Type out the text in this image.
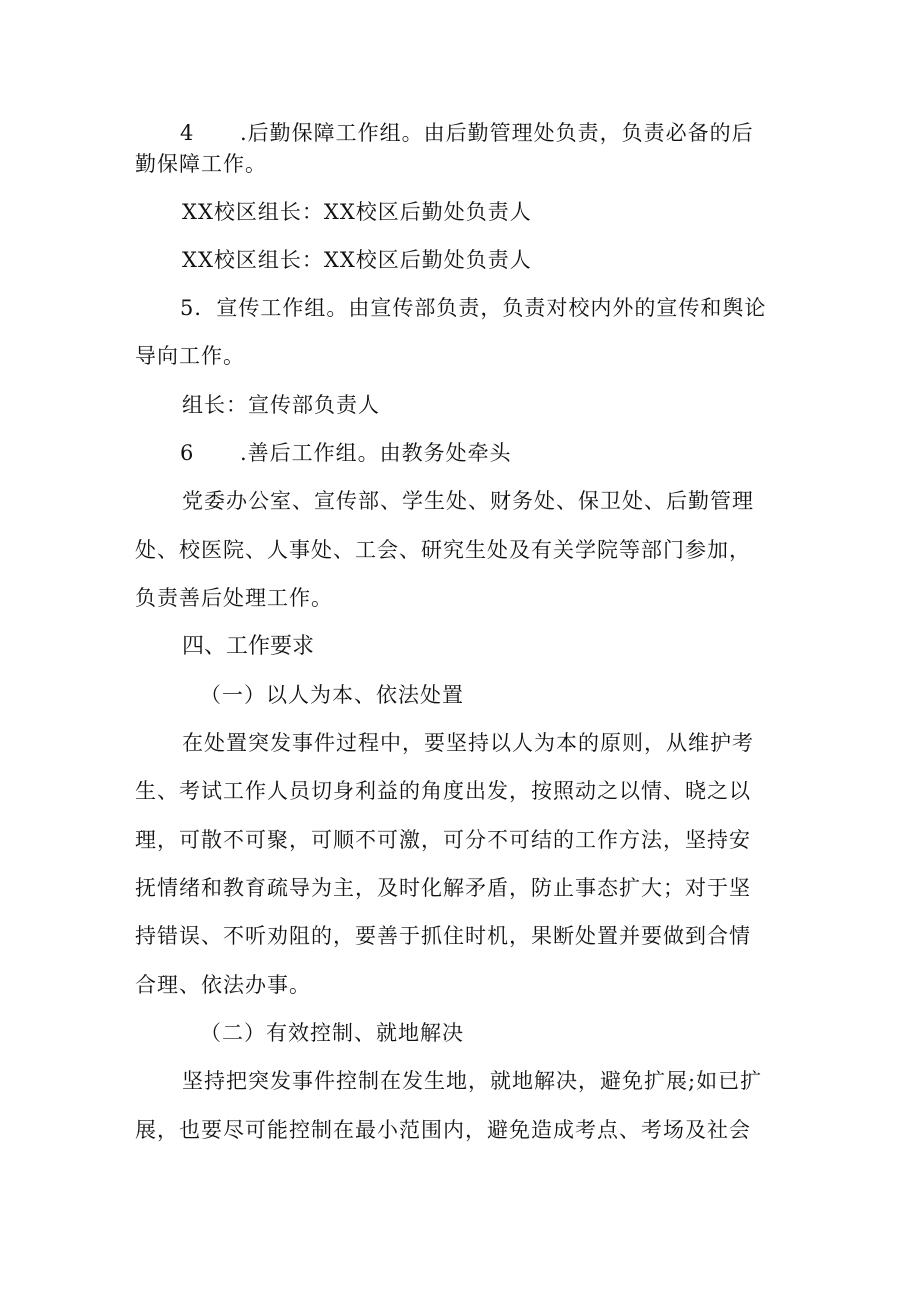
4 .后勤保障工作组。由后勤管理处负责，负责必备的后
勤保障工作。
XX校区组长：XX校区后勤处负责人
XX校区组长：XX校区后勤处负责人
5．宣传工作组。由宣传部负责，负责对校内外的宣传和舆论
导向工作。
组长：宣传部负责人
6 .善后工作组。由教务处牵头
党委办公室、宣传部、学生处、财务处、保卫处、后勤管理
处、校医院、人事处、工会、研究生处及有关学院等部门参加，
负责善后处理工作。
四、工作要求
（一）以人为本、依法处置
在处置突发事件过程中，要坚持以人为本的原则，从维护考
生、考试工作人员切身利益的角度出发，按照动之以情、晓之以
理，可散不可聚，可顺不可激，可分不可结的工作方法，坚持安
抚情绪和教育疏导为主，及时化解矛盾，防止事态扩大；对于坚
持错误、不听劝阻的，要善于抓住时机，果断处置并要做到合情
合理、依法办事。
（二）有效控制、就地解决
坚持把突发事件控制在发生地，就地解决，避免扩展;如已扩
展，也要尽可能控制在最小范围内，避免造成考点、考场及社会
